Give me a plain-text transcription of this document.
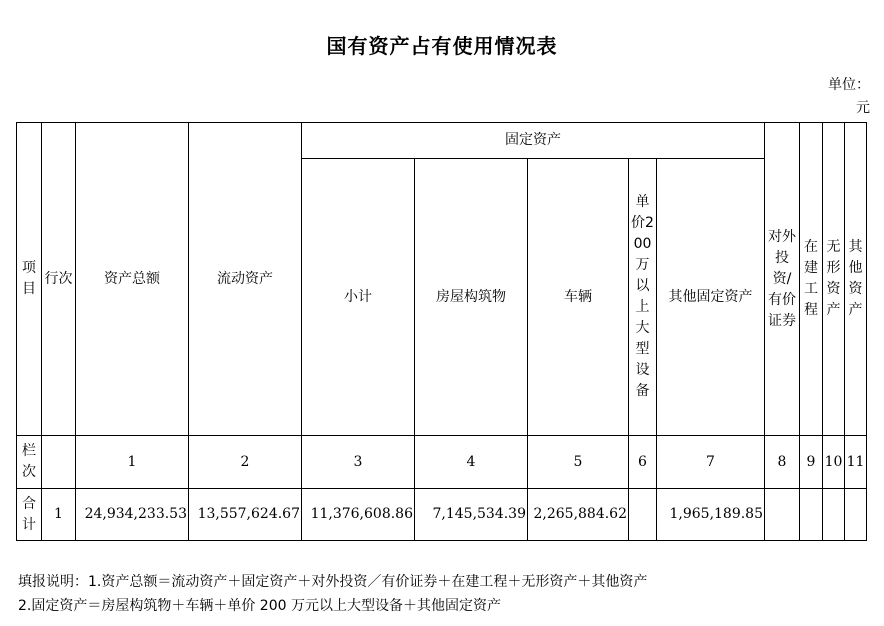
国有资产占有使用情况表
单位：元
项目	行次	资产总额	流动资产	固定资产					对外投资/有价证券	在建工程	无形资产	其他资产
				小计	房屋构筑物	车辆	单价200万以上大型设备	其他固定资产				
栏次		1	2	3	4	5	6	7	8	9	10	11
合计	1	24,934,233.53	13,557,624.67	11,376,608.86	7,145,534.39	2,265,884.62		1,965,189.85				
填报说明：1.资产总额＝流动资产＋固定资产＋对外投资／有价证券＋在建工程＋无形资产＋其他资产
2.固定资产＝房屋构筑物＋车辆＋单价 200 万元以上大型设备＋其他固定资产
